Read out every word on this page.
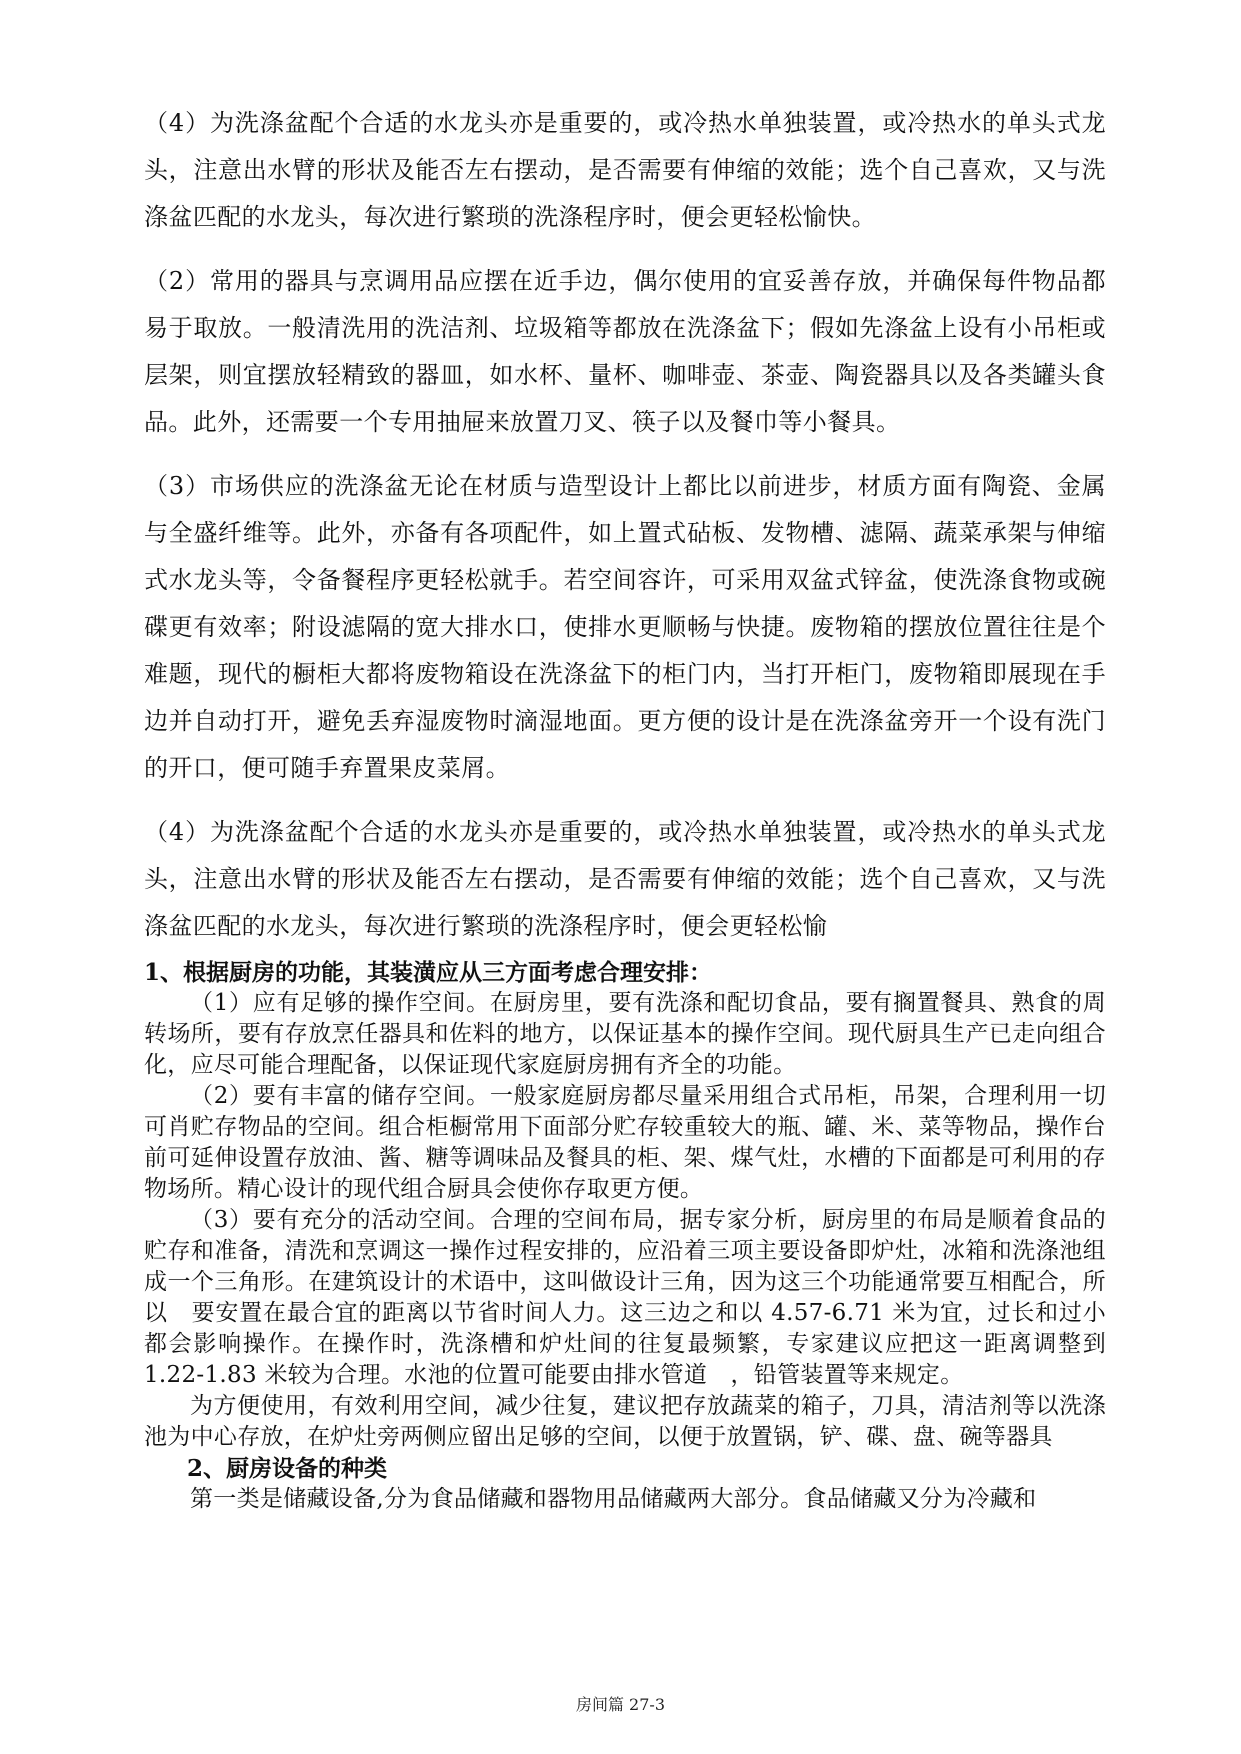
（4）为洗涤盆配个合适的水龙头亦是重要的，或冷热水单独装置，或冷热水的单头式龙头，注意出水臂的形状及能否左右摆动，是否需要有伸缩的效能；选个自己喜欢，又与洗涤盆匹配的水龙头，每次进行繁琐的洗涤程序时，便会更轻松愉快。

（2）常用的器具与烹调用品应摆在近手边，偶尔使用的宜妥善存放，并确保每件物品都易于取放。一般清洗用的洗洁剂、垃圾箱等都放在洗涤盆下；假如先涤盆上设有小吊柜或层架，则宜摆放轻精致的器皿，如水杯、量杯、咖啡壶、茶壶、陶瓷器具以及各类罐头食品。此外，还需要一个专用抽屉来放置刀叉、筷子以及餐巾等小餐具。

（3）市场供应的洗涤盆无论在材质与造型设计上都比以前进步，材质方面有陶瓷、金属与全盛纤维等。此外，亦备有各项配件，如上置式砧板、发物槽、滤隔、蔬菜承架与伸缩式水龙头等，令备餐程序更轻松就手。若空间容许，可采用双盆式锌盆，使洗涤食物或碗碟更有效率；附设滤隔的宽大排水口，使排水更顺畅与快捷。废物箱的摆放位置往往是个难题，现代的橱柜大都将废物箱设在洗涤盆下的柜门内，当打开柜门，废物箱即展现在手边并自动打开，避免丢弃湿废物时滴湿地面。更方便的设计是在洗涤盆旁开一个设有洗门的开口，便可随手弃置果皮菜屑。

（4）为洗涤盆配个合适的水龙头亦是重要的，或冷热水单独装置，或冷热水的单头式龙头，注意出水臂的形状及能否左右摆动，是否需要有伸缩的效能；选个自己喜欢，又与洗涤盆匹配的水龙头，每次进行繁琐的洗涤程序时，便会更轻松愉

1、根据厨房的功能，其装潢应从三方面考虑合理安排：

（1）应有足够的操作空间。在厨房里，要有洗涤和配切食品，要有搁置餐具、熟食的周转场所，要有存放烹任器具和佐料的地方，以保证基本的操作空间。现代厨具生产已走向组合化，应尽可能合理配备，以保证现代家庭厨房拥有齐全的功能。

（2）要有丰富的储存空间。一般家庭厨房都尽量采用组合式吊柜，吊架，合理利用一切可肖贮存物品的空间。组合柜橱常用下面部分贮存较重较大的瓶、罐、米、菜等物品，操作台前可延伸设置存放油、酱、糖等调味品及餐具的柜、架、煤气灶，水槽的下面都是可利用的存物场所。精心设计的现代组合厨具会使你存取更方便。

（3）要有充分的活动空间。合理的空间布局，据专家分析，厨房里的布局是顺着食品的贮存和准备，清洗和烹调这一操作过程安排的，应沿着三项主要设备即炉灶，冰箱和洗涤池组成一个三角形。在建筑设计的术语中，这叫做设计三角，因为这三个功能通常要互相配合，所以　要安置在最合宜的距离以节省时间人力。这三边之和以 4.57-6.71 米为宜，过长和过小都会影响操作。在操作时，洗涤槽和炉灶间的往复最频繁，专家建议应把这一距离调整到 1.22-1.83 米较为合理。水池的位置可能要由排水管道　，铅管装置等来规定。

为方便使用，有效利用空间，减少往复，建议把存放蔬菜的箱子，刀具，清洁剂等以洗涤池为中心存放，在炉灶旁两侧应留出足够的空间，以便于放置锅，铲、碟、盘、碗等器具

2、厨房设备的种类

第一类是储藏设备,分为食品储藏和器物用品储藏两大部分。食品储藏又分为冷藏和

房间篇 27-3
